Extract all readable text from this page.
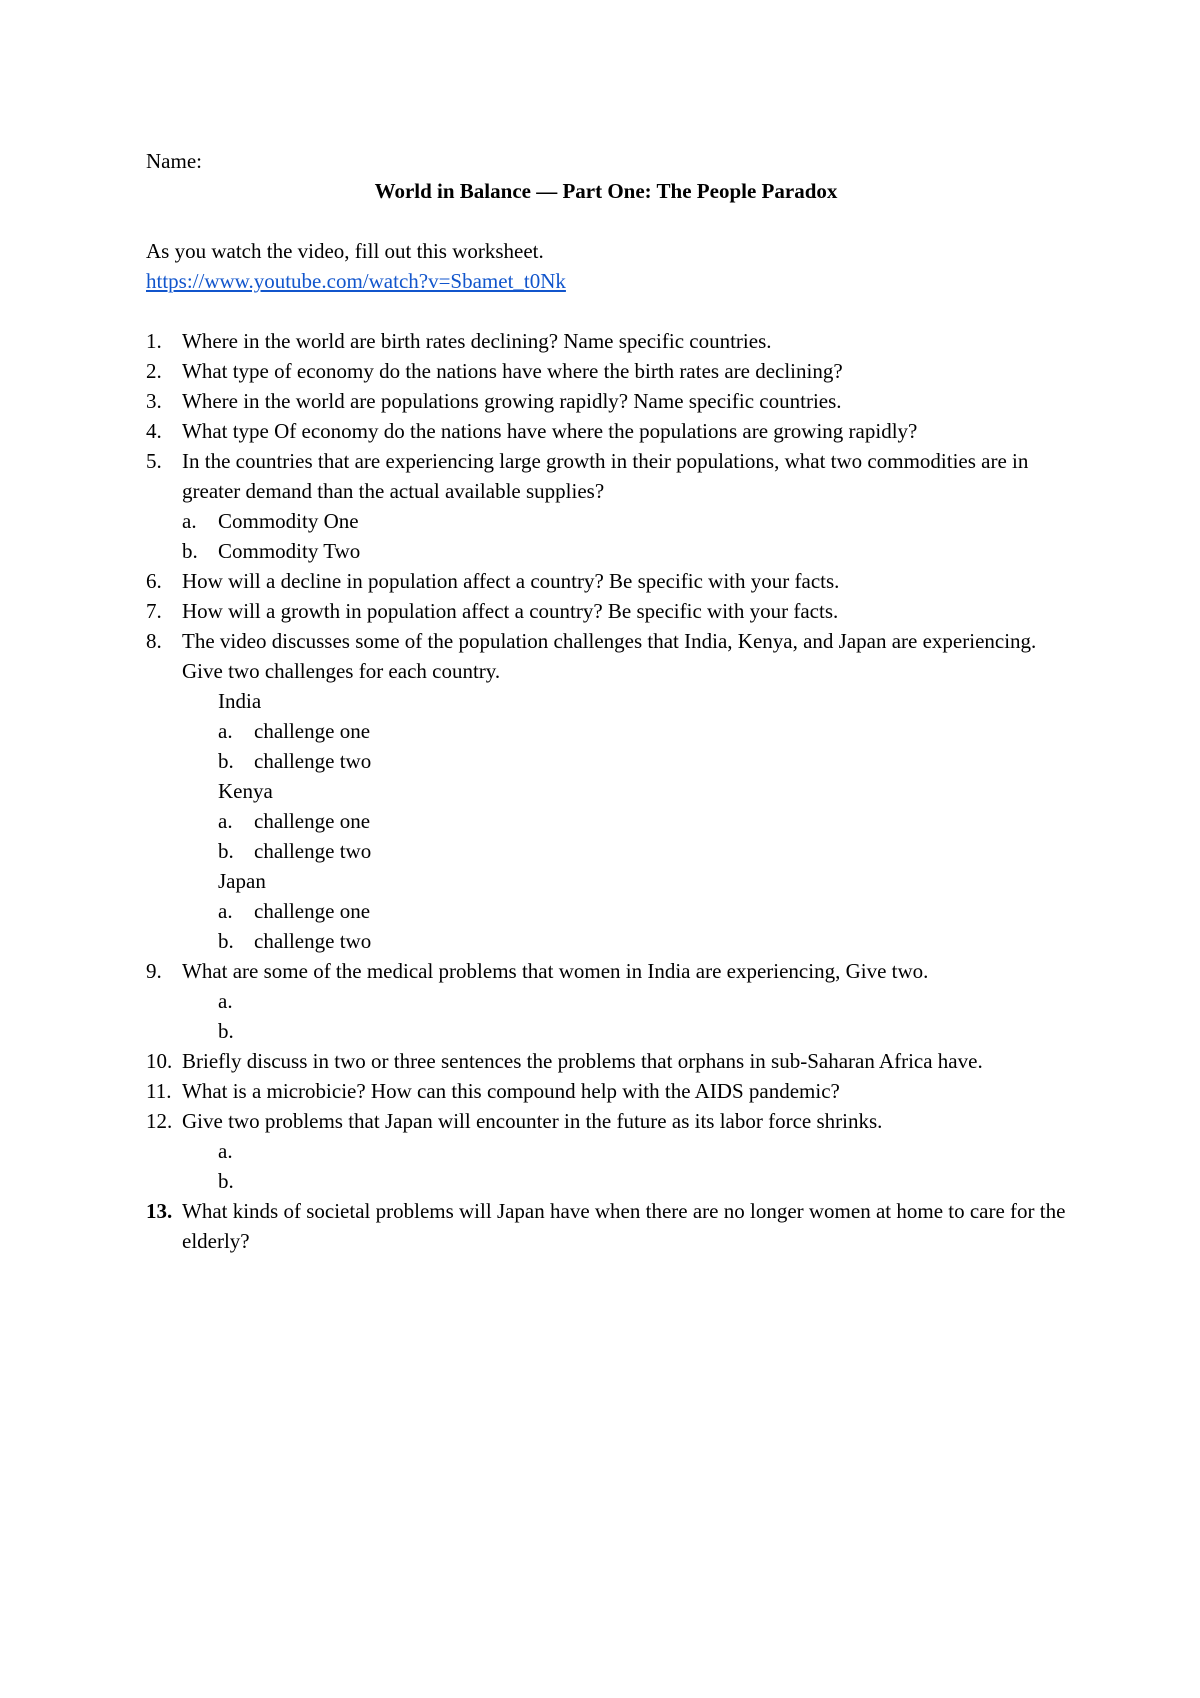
Name:
World in Balance — Part One: The People Paradox
As you watch the video, fill out this worksheet.
https://www.youtube.com/watch?v=Sbamet_t0Nk
1. Where in the world are birth rates declining? Name specific countries.
2. What type of economy do the nations have where the birth rates are declining?
3. Where in the world are populations growing rapidly? Name specific countries.
4. What type Of economy do the nations have where the populations are growing rapidly?
5. In the countries that are experiencing large growth in their populations, what two commodities are in greater demand than the actual available supplies?
a.	Commodity One
b. Commodity Two
6. How will a decline in population affect a country? Be specific with your facts.
7. How will a growth in population affect a country? Be specific with your facts.
8. The video discusses some of the population challenges that India, Kenya, and Japan are experiencing. Give two challenges for each country.
India
a.	challenge one
b. challenge two
Kenya
a.	challenge one
b. challenge two
Japan
a.	challenge one
b. challenge two
9. What are some of the medical problems that women in India are experiencing, Give two.
a.
b.
10. Briefly discuss in two or three sentences the problems that orphans in sub-Saharan Africa have.
11. What is a microbicie? How can this compound help with the AIDS pandemic?
12. Give two problems that Japan will encounter in the future as its labor force shrinks.
a.
b.
13. What kinds of societal problems will Japan have when there are no longer women at home to care for the elderly?
